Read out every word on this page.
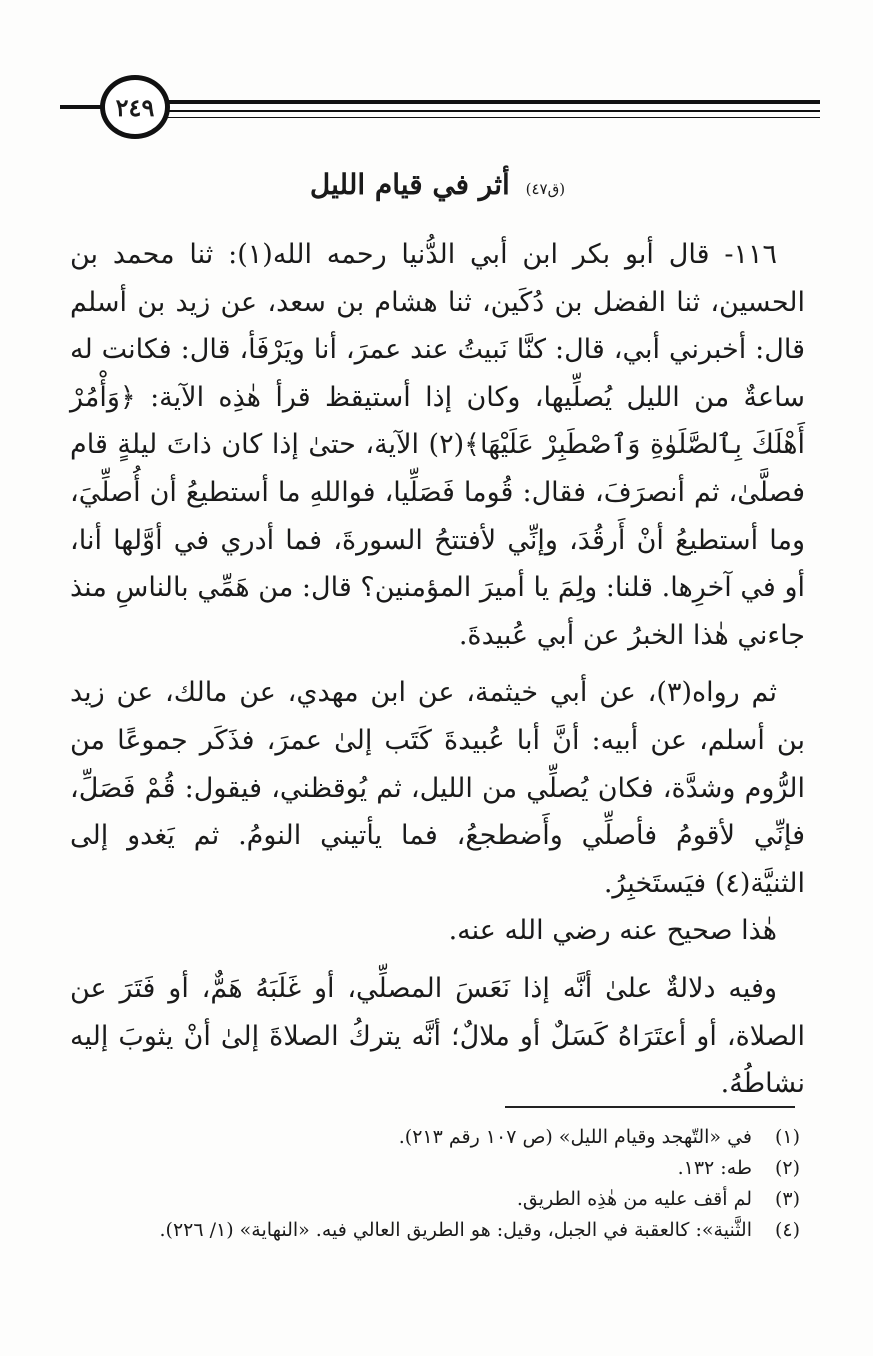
٢٤٩
(ق٤٧) أثر في قيام الليل

١١٦- قال أبو بكر ابن أبي الدُّنيا رحمه الله(١): ثنا محمد بن الحسين، ثنا الفضل بن دُكَين، ثنا هشام بن سعد، عن زيد بن أسلم قال: أخبرني أبي، قال: كنَّا نَبيتُ عند عمرَ، أنا ويَرْفَأ، قال: فكانت له ساعةٌ من الليل يُصلِّيها، وكان إذا أستيقظ قرأ هٰذِه الآية: ﴿وَأْمُرْ أَهْلَكَ بِٱلصَّلَوٰةِ وَٱصْطَبِرْ عَلَيْهَا﴾(٢) الآية، حتىٰ إذا كان ذاتَ ليلةٍ قام فصلَّىٰ، ثم أنصرَفَ، فقال: قُوما فَصَلِّيا، فواللهِ ما أستطيعُ أن أُصلِّيَ، وما أستطيعُ أنْ أَرقُدَ، وإنِّي لأفتتحُ السورةَ، فما أدري في أوَّلها أنا، أو في آخرِها. قلنا: ولِمَ يا أميرَ المؤمنين؟ قال: من هَمِّي بالناسِ منذ جاءني هٰذا الخبرُ عن أبي عُبيدةَ.

ثم رواه(٣)، عن أبي خيثمة، عن ابن مهدي، عن مالك، عن زيد بن أسلم، عن أبيه: أنَّ أبا عُبيدةَ كَتَب إلىٰ عمرَ، فذَكَر جموعًا من الرُّوم وشدَّة، فكان يُصلِّي من الليل، ثم يُوقظني، فيقول: قُمْ فَصَلِّ، فإنِّي لأقومُ فأصلِّي وأَضطجعُ، فما يأتيني النومُ. ثم يَغدو إلى الثنيَّة(٤) فيَستَخبِرُ.

هٰذا صحيح عنه رضي الله عنه.

وفيه دلالةٌ علىٰ أنَّه إذا نَعَسَ المصلِّي، أو غَلَبَهُ هَمٌّ، أو فَتَرَ عن الصلاة، أو أعتَرَاهُ كَسَلٌ أو ملالٌ؛ أنَّه يتركُ الصلاةَ إلىٰ أنْ يثوبَ إليه نشاطُهُ.

(١)
في «التّهجد وقيام الليل» (ص ١٠٧ رقم ٢١٣).
(٢)
طه: ١٣٢.
(٣)
لم أقف عليه من هٰذِه الطريق.
(٤)
الثَّنية»: كالعقبة في الجبل، وقيل: هو الطريق العالي فيه. «النهاية» (١/ ٢٢٦).
